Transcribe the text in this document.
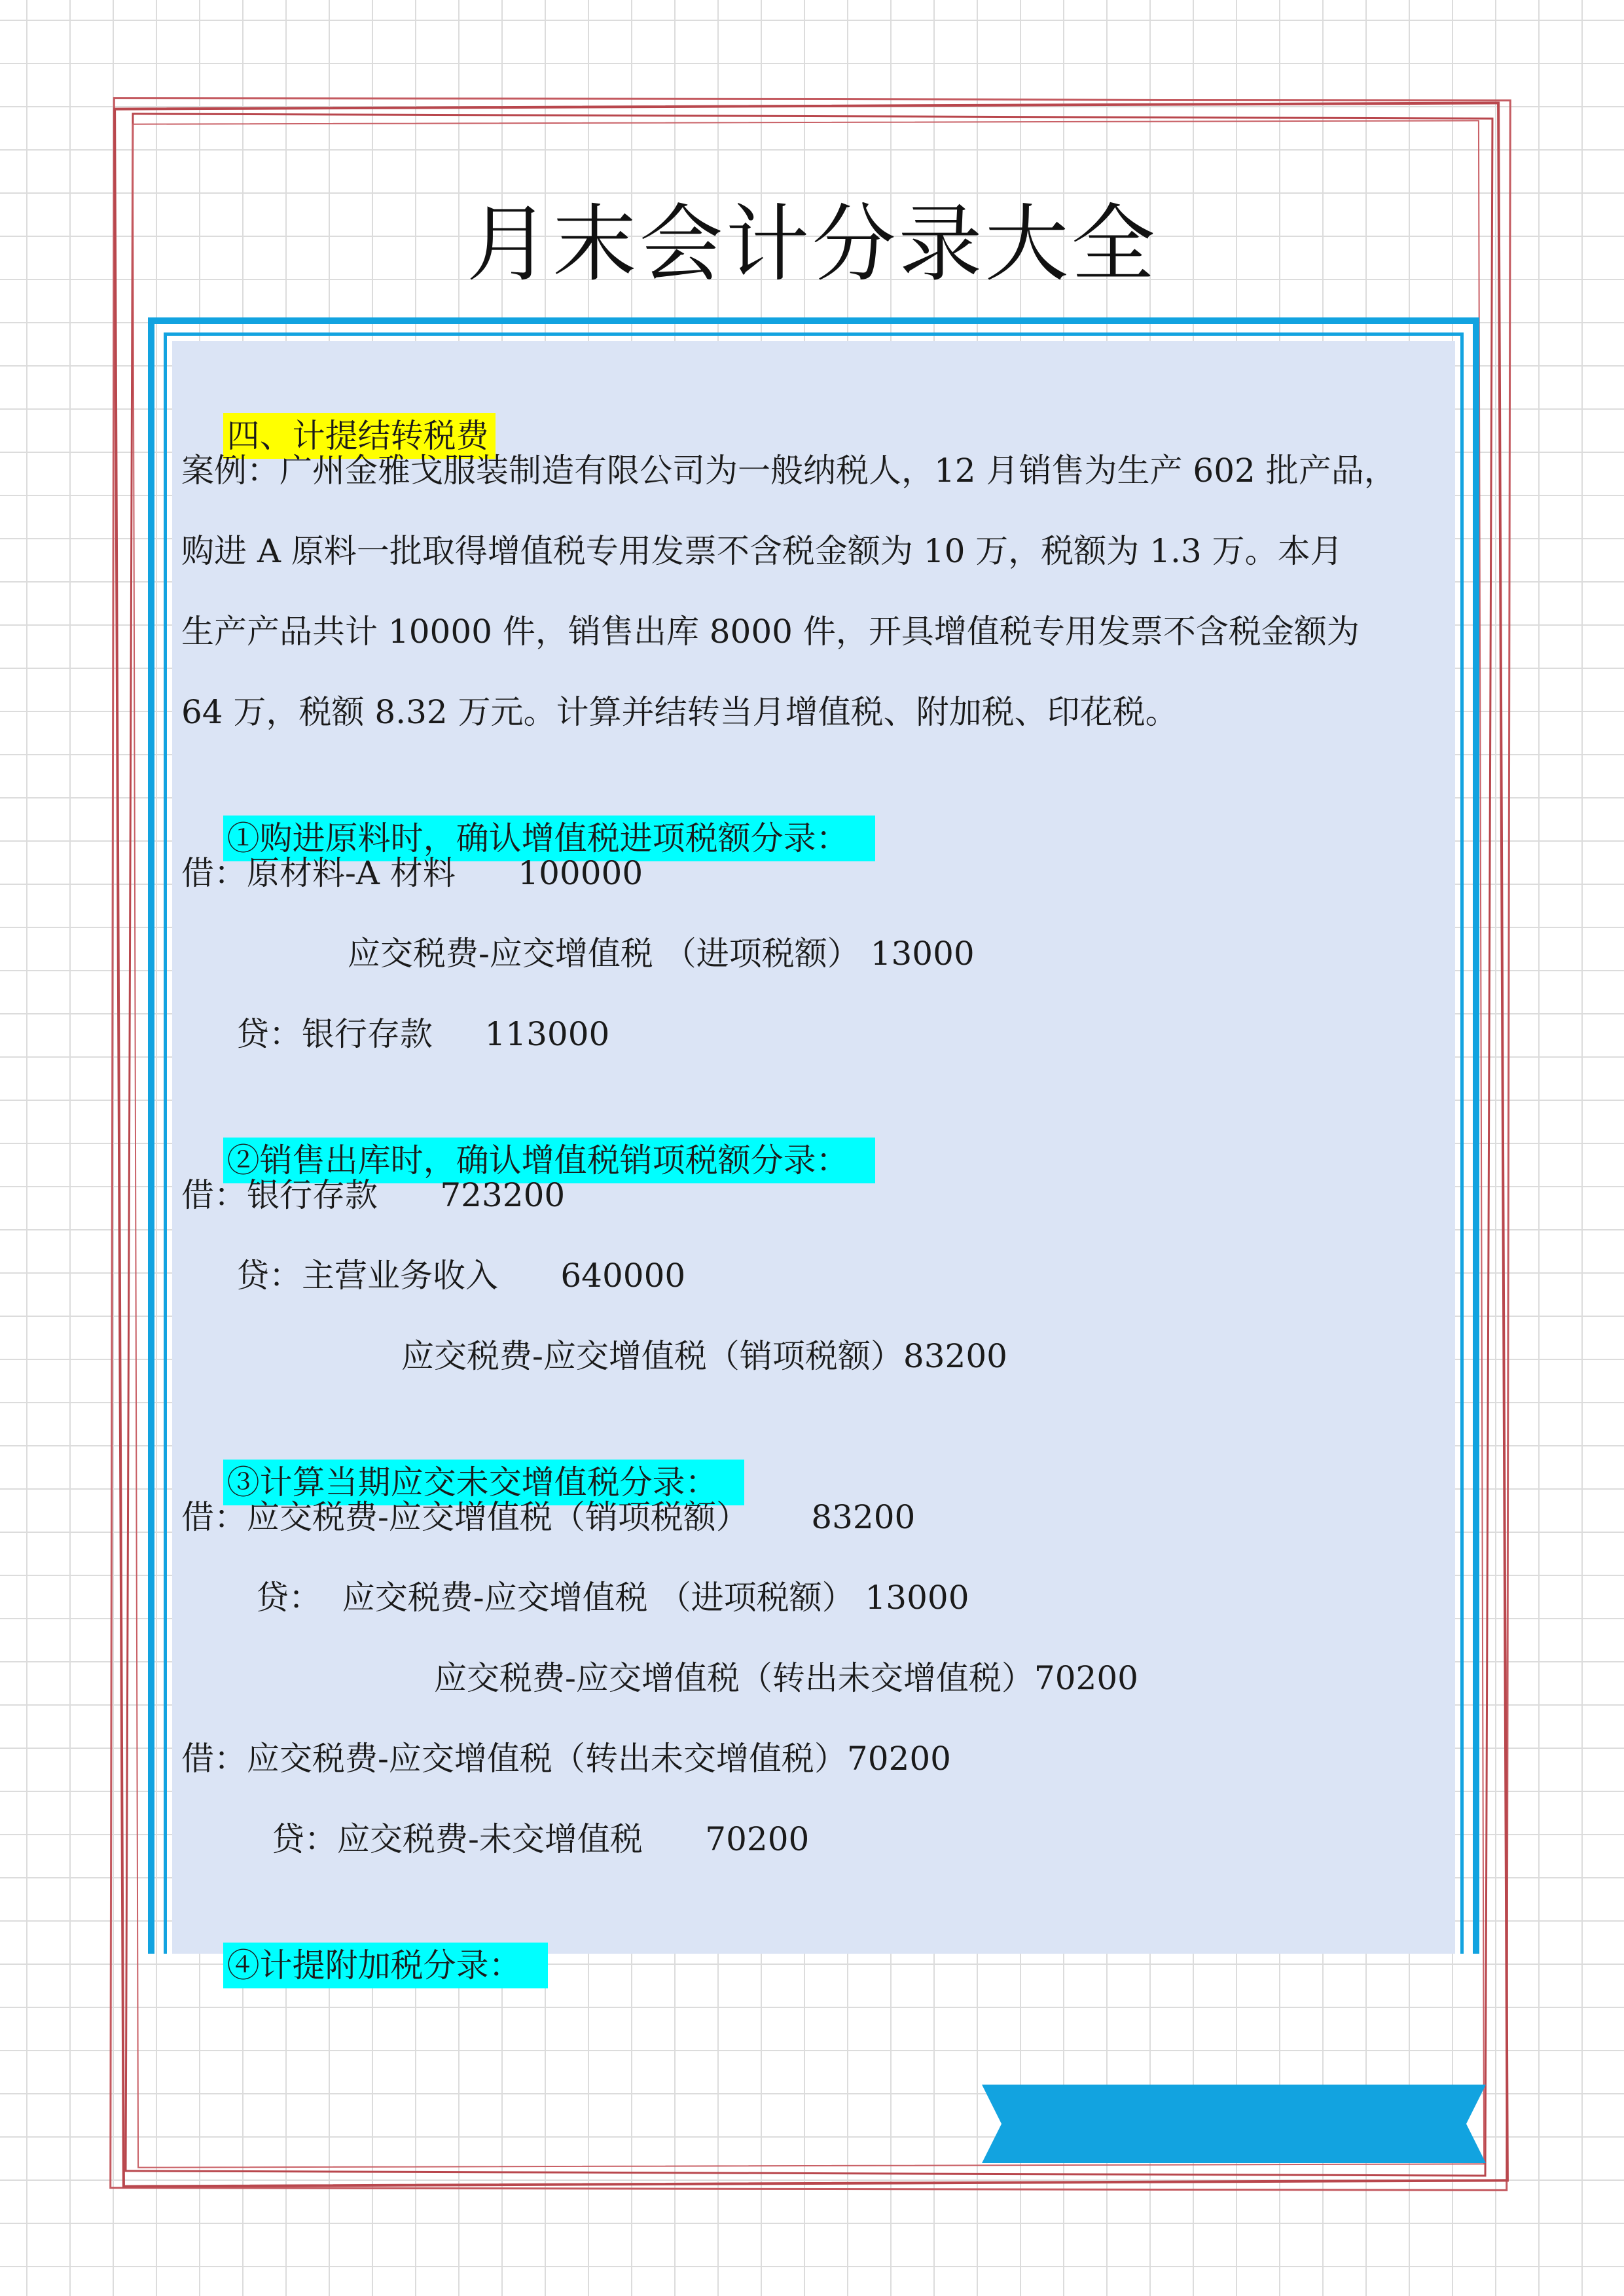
月末会计分录大全

四、计提结转税费

案例：广州金雅戈服装制造有限公司为一般纳税人，12 月销售为生产 602 批产品，
购进 A 原料一批取得增值税专用发票不含税金额为 10 万，税额为 1.3 万。本月
生产产品共计 10000 件，销售出库 8000 件，开具增值税专用发票不含税金额为
64 万，税额 8.32 万元。计算并结转当月增值税、附加税、印花税。

①购进原料时，确认增值税进项税额分录：

借：原材料-A 材料      100000
应交税费-应交增值税 （进项税额） 13000
贷：银行存款     113000

②销售出库时，确认增值税销项税额分录：

借：银行存款      723200
贷：主营业务收入      640000
应交税费-应交增值税（销项税额）83200

③计算当期应交未交增值税分录：

借：应交税费-应交增值税（销项税额）      83200
贷：  应交税费-应交增值税 （进项税额） 13000
应交税费-应交增值税（转出未交增值税）70200
借：应交税费-应交增值税（转出未交增值税）70200
贷：应交税费-未交增值税      70200

④计提附加税分录：
